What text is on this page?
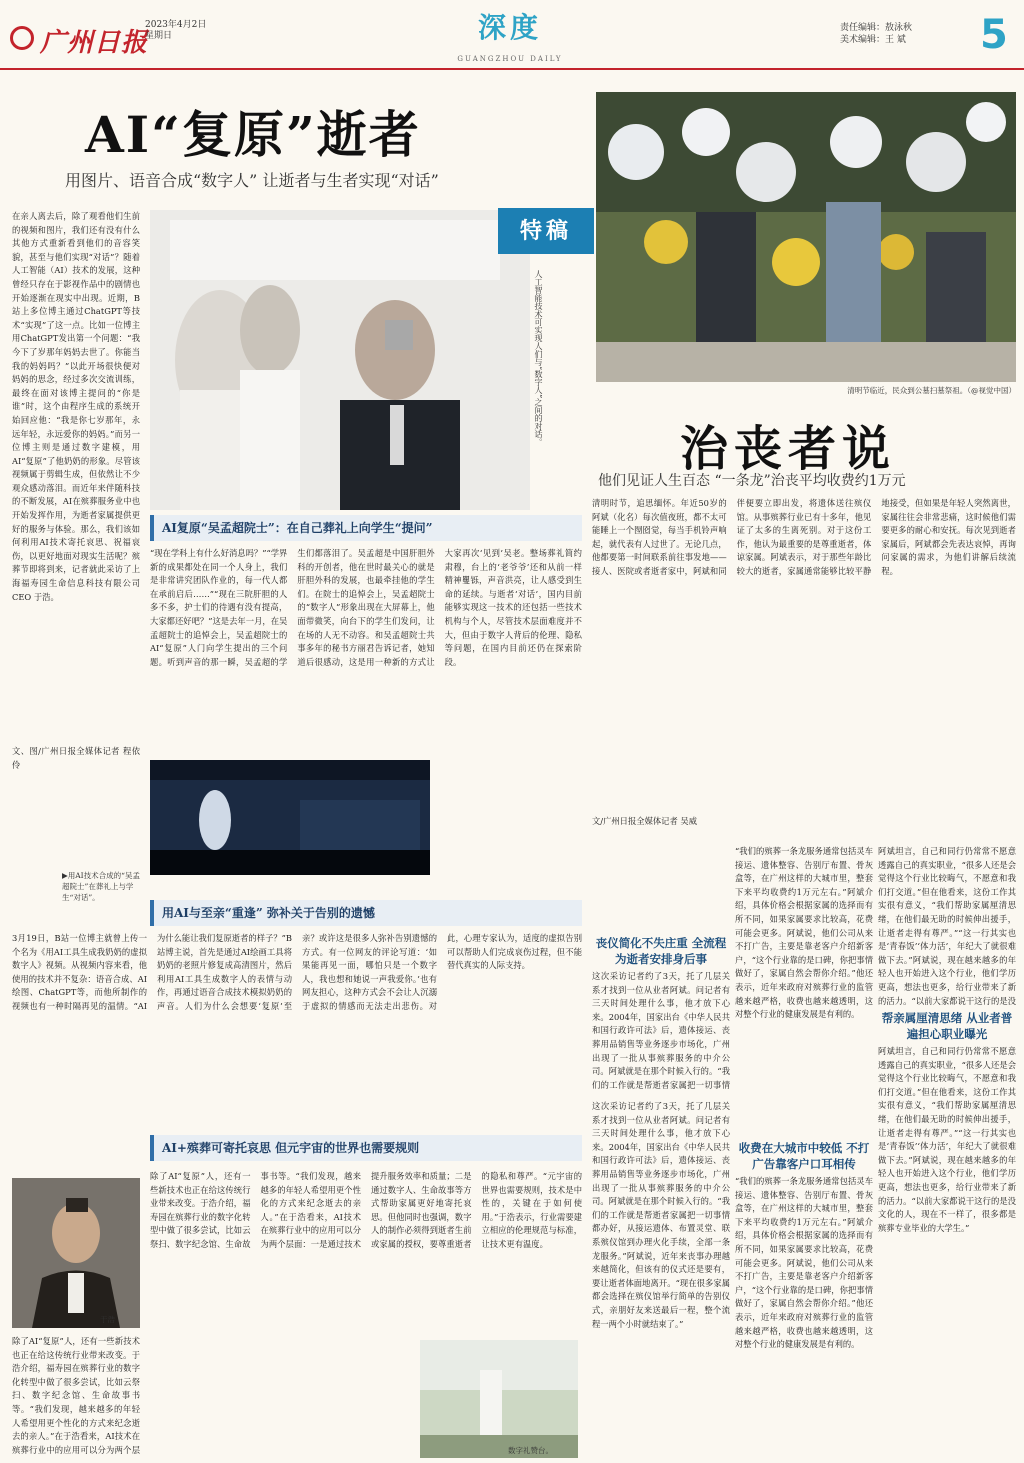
广州日报
2023年4月2日
星期日	深度
GUANGZHOU DAILY
责任编辑：敖泳秋
美术编辑：王 斌 5
AI“复原”逝者
用图片、语音合成“数字人” 让逝者与生者实现“对话”
在亲人离去后，除了观看他们生前的视频和图片，我们还有没有什么其他方式重新看到他们的音容笑貌，甚至与他们实现“对话”？随着人工智能（AI）技术的发展，这种曾经只存在于影视作品中的剧情也开始逐渐在现实中出现。近期，B站上多位博主通过ChatGPT等技术“实现”了这一点。比如一位博主用ChatGPT发出第一个问题：“我今下了岁那年妈妈去世了。你能当我的妈妈吗？”以此开场很快便对妈妈的思念，经过多次交流训练，最终在面对该博主提问的“你是谁”时，这个由程序生成的系统开始回应他：“我是你七岁那年，永远年轻，永远爱你的妈妈。”而另一位博主则是通过数字建模，用AI“复原”了他奶奶的形象。尽管该视频属于剪辑生成，但依然让不少观众感动落泪。而近年来伴随科技的不断发展，AI在殡葬服务业中也开始发挥作用，为逝者家属提供更好的服务与体验。那么，我们该如何利用AI技术寄托哀思、祝福哀伤，以更好地面对现实生活呢？殡葬节即将到来，记者就此采访了上海福寿园生命信息科技有限公司CEO 于浩。
文、图/广州日报全媒体记者 程依伶
人工智能技术可实现人们与“数字人”之间的对话。
特稿
清明节临近，民众到公墓扫墓祭祖。（@视觉中国）
治丧者说
他们见证人生百态 “一条龙”治丧平均收费约1万元
AI复原“吴孟超院士”：在自己葬礼上向学生“提问”
“现在学科上有什么好消息吗？”“学界新的成果都处在同一个人身上，我们是非常讲究团队作业的，每一代人都在承前启后……”“现在三院肝胆的人多不多，护士们的待遇有没有提高，大家都还好吧？”这是去年一月，在吴孟超院士的追悼会上，吴孟超院士的AI“复原”人门向学生提出的三个问题。听到声音的那一瞬，吴孟超的学生们都落泪了。吴孟超是中国肝胆外科的开创者，他在世时最关心的就是肝胆外科的发展，也最牵挂他的学生们。在院士的追悼会上，吴孟超院士的“数字人”形象出现在大屏幕上，他面带微笑，向台下的学生们发问，让在场的人无不动容。和吴孟超院士共事多年的秘书方丽君告诉记者，她知道后很感动，这是用一种新的方式让大家再次‘见到’吴老。整场葬礼简约肃穆，台上的‘老爷爷’还和从前一样精神矍铄，声音洪亮，让人感受到生命的延续。与逝者‘对话’，国内目前能够实现这一技术的还包括一些技术机构与个人，尽管技术层面难度并不大，但由于数字人背后的伦理、隐私等问题，在国内目前还仍在探索阶段。
▶用AI技术合成的“吴孟超院士”在葬礼上与学生“对话”。
用AI与至亲“重逢” 弥补关于告别的遗憾
3月19日，B站一位博主就曾上传一个名为《用AI工具生成我奶奶的虚拟数字人》视频。从视频内容来看，他使用的技术并不复杂：语音合成、AI绘图、ChatGPT等，而他所制作的视频也有一种时隔再见的温情。“AI为什么能让我们复原逝者的样子？”B站博主说，首先是通过AI绘画工具将奶奶的老照片修复成高清图片，然后利用AI工具生成数字人的表情与动作，再通过语音合成技术模拟奶奶的声音。人们为什么会想要‘复原’至亲？或许这是很多人弥补告别遗憾的方式。有一位网友的评论写道：‘如果能再见一面，哪怕只是一个数字人，我也想和她说一声我爱你。’也有网友担心，这种方式会不会让人沉溺于虚拟的情感而无法走出悲伤。对此，心理专家认为，适度的虚拟告别可以帮助人们完成哀伤过程，但不能替代真实的人际支持。
AI+殡葬可寄托哀思 但元宇宙的世界也需要规则
于浩
除了AI“复原”人，还有一些新技术也正在给这传统行业带来改变。于浩介绍，福寿园在殡葬行业的数字化转型中做了很多尝试，比如云祭扫、数字纪念馆、生命故事书等。“我们发现，越来越多的年轻人希望用更个性化的方式来纪念逝去的亲人。”在于浩看来，AI技术在殡葬行业中的应用可以分为两个层
除了AI“复原”人，还有一些新技术也正在给这传统行业带来改变。于浩介绍，福寿园在殡葬行业的数字化转型中做了很多尝试，比如云祭扫、数字纪念馆、生命故事书等。“我们发现，越来越多的年轻人希望用更个性化的方式来纪念逝去的亲人。”在于浩看来，AI技术在殡葬行业中的应用可以分为两个层面：一是通过技术提升服务效率和质量；二是通过数字人、生命故事等方式帮助家属更好地寄托哀思。但他同时也强调，数字人的制作必须得到逝者生前或家属的授权，要尊重逝者的隐私和尊严。“元宇宙的世界也需要规则，技术是中性的，关键在于如何使用。”于浩表示，行业需要建立相应的伦理规范与标准，让技术更有温度。
数字礼赞台。
清明时节，追思缅怀。年近50岁的阿斌（化名）每次值夜班，都不太可能睡上一个囫囵觉，每当手机铃声响起，就代表有人过世了。无论几点，他都要第一时间联系前往事发地——接人、医院或者逝者家中，阿斌和同伴便要立即出发，将遗体送往殡仪馆。从事殡葬行业已有十多年，他见证了太多的生离死别。对于这份工作，他认为最重要的是尊重逝者，体谅家属。阿斌表示，对于那些年龄比较大的逝者，家属通常能够比较平静地接受，但如果是年轻人突然离世，家属往往会非常悲痛，这时候他们需要更多的耐心和安抚。每次见到逝者家属后，阿斌都会先表达哀悼，再询问家属的需求，为他们讲解后续流程。
文/广州日报全媒体记者 吴威
丧仪简化不失庄重 全流程为逝者安排身后事
这次采访记者约了3天，托了几层关系才找到一位从业者阿斌。问记者有三天时间处理什么事，他才放下心来。2004年，国家出台《中华人民共和国行政许可法》后，遗体接运、丧葬用品销售等业务逐步市场化，广州出现了一批从事殡葬服务的中介公司。阿斌就是在那个时候入行的。“我们的工作就是帮逝者家属把一切事情
收费在大城市中较低 不打广告靠客户口耳相传
“我们的殡葬一条龙服务通常包括灵车接运、遗体整容、告别厅布置、骨灰盒等，在广州这样的大城市里，整套下来平均收费约1万元左右。”阿斌介绍，具体价格会根据家属的选择而有所不同，如果家属要求比较高，花费可能会更多。阿斌说，他们公司从来不打广告，主要是靠老客户介绍新客户，“这个行业靠的是口碑，你把事情做好了，家属自然会帮你介绍。”他还表示，近年来政府对殡葬行业的监管越来越严格，收费也越来越透明，这对整个行业的健康发展是有利的。
帮亲属厘清思绪 从业者普遍担心职业曝光
阿斌坦言，自己和同行仍常常不愿意透露自己的真实职业，“很多人还是会觉得这个行业比较晦气，不愿意和我们打交道。”但在他看来，这份工作其实很有意义，“我们帮助家属厘清思绪，在他们最无助的时候伸出援手，让逝者走得有尊严。”“这一行其实也是‘青春饭’‘体力活’，年纪大了就很难做下去。”阿斌说，现在越来越多的年轻人也开始进入这个行业，他们学历更高，想法也更多，给行业带来了新的活力。“以前大家都说干这行的是没文化的人，现在不一样了，很多都是殡葬专业毕业的大学生。”
这次采访记者约了3天，托了几层关系才找到一位从业者阿斌。问记者有三天时间处理什么事，他才放下心来。2004年，国家出台《中华人民共和国行政许可法》后，遗体接运、丧葬用品销售等业务逐步市场化，广州出现了一批从事殡葬服务的中介公司。阿斌就是在那个时候入行的。“我们的工作就是帮逝者家属把一切事情都办好，从接运遗体、布置灵堂、联系殡仪馆到办理火化手续，全部一条龙服务。”阿斌说，近年来丧事办理越来越简化，但该有的仪式还是要有，要让逝者体面地离开。“现在很多家属都会选择在殡仪馆举行简单的告别仪式，亲朋好友来送最后一程，整个流程一两个小时就结束了。”
“我们的殡葬一条龙服务通常包括灵车接运、遗体整容、告别厅布置、骨灰盒等，在广州这样的大城市里，整套下来平均收费约1万元左右。”阿斌介绍，具体价格会根据家属的选择而有所不同，如果家属要求比较高，花费可能会更多。阿斌说，他们公司从来不打广告，主要是靠老客户介绍新客户，“这个行业靠的是口碑，你把事情做好了，家属自然会帮你介绍。”他还表示，近年来政府对殡葬行业的监管越来越严格，收费也越来越透明，这对整个行业的健康发展是有利的。
阿斌坦言，自己和同行仍常常不愿意透露自己的真实职业，“很多人还是会觉得这个行业比较晦气，不愿意和我们打交道。”但在他看来，这份工作其实很有意义，“我们帮助家属厘清思绪，在他们最无助的时候伸出援手，让逝者走得有尊严。”“这一行其实也是‘青春饭’‘体力活’，年纪大了就很难做下去。”阿斌说，现在越来越多的年轻人也开始进入这个行业，他们学历更高，想法也更多，给行业带来了新的活力。“以前大家都说干这行的是没
